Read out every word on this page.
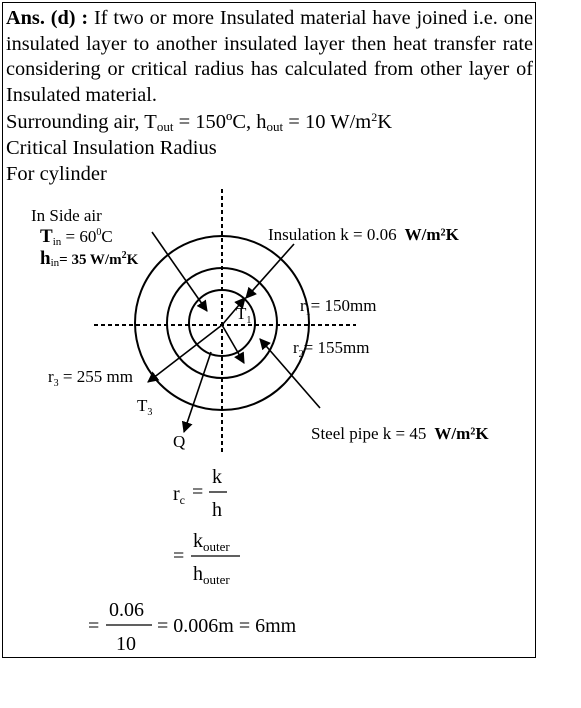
Ans. (d) : If two or more Insulated material have joined i.e. one insulated layer to another insulated layer then heat transfer rate considering or critical radius has calculated from other layer of Insulated material.

Surrounding air, $T_{out}$ = 150ºC, $h_{out} = 10$ $W/m^2K$

Critical Insulation Radius

For cylinder

In Side air
Tin = $60^0C$
hin= 35 $W/m^2K$
Insulation k = 0.06 W/m²K
$r_1= 150mm$
$r_2= 155mm$
$r_3 = 255$ mm
$T_1$
$T_3$
Q	Steel pipe k = 45 W/m²K
$r_c$ =
k
h
=
$k_{outer}$
$h_{outer}$
=
0.06
10
= 0.006m = 6mm
